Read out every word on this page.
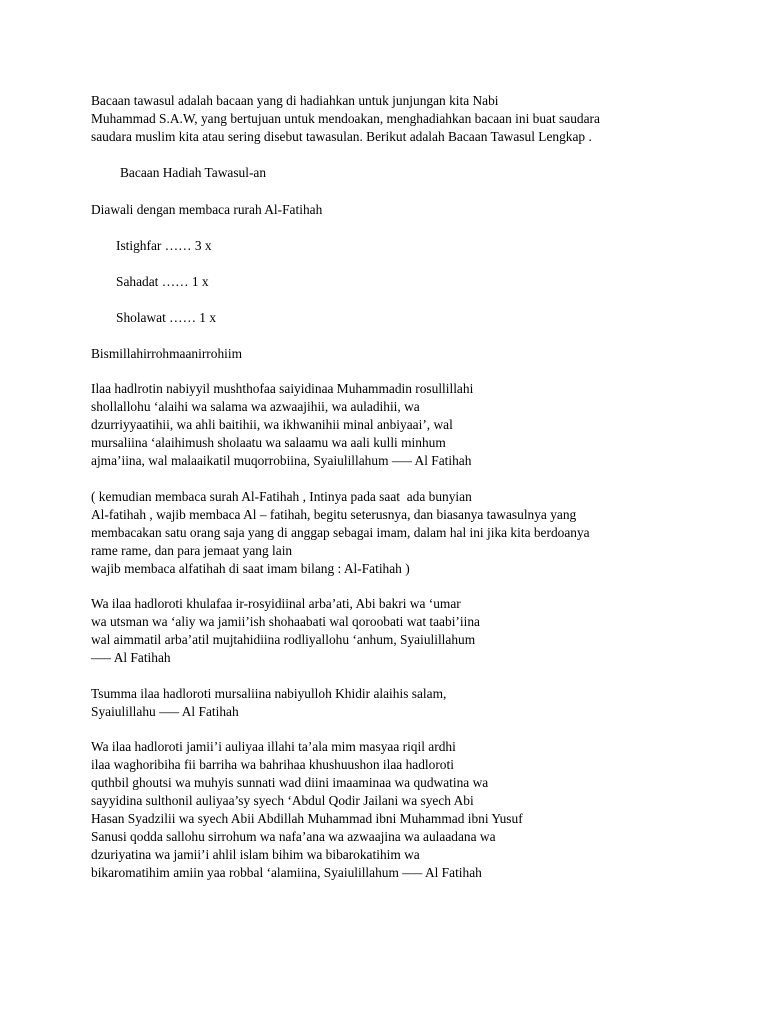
Bacaan tawasul adalah bacaan yang di hadiahkan untuk junjungan kita Nabi
Muhammad S.A.W, yang bertujuan untuk mendoakan, menghadiahkan bacaan ini buat saudara
saudara muslim kita atau sering disebut tawasulan. Berikut adalah Bacaan Tawasul Lengkap .

Bacaan Hadiah Tawasul-an

Diawali dengan membaca rurah Al-Fatihah

Istighfar …… 3 x

Sahadat …… 1 x

Sholawat …… 1 x

Bismillahirrohmaanirrohiim

Ilaa hadlrotin nabiyyil mushthofaa saiyidinaa Muhammadin rosullillahi
shollallohu ‘alaihi wa salama wa azwaajihii, wa auladihii, wa
dzurriyyaatihii, wa ahli baitihii, wa ikhwanihii minal anbiyaai’, wal
mursaliina ‘alaihimush sholaatu wa salaamu wa aali kulli minhum
ajma’iina, wal malaaikatil muqorrobiina, Syaiulillahum ––– Al Fatihah

( kemudian membaca surah Al-Fatihah , Intinya pada saat  ada bunyian
Al-fatihah , wajib membaca Al – fatihah, begitu seterusnya, dan biasanya tawasulnya yang
membacakan satu orang saja yang di anggap sebagai imam, dalam hal ini jika kita berdoanya
rame rame, dan para jemaat yang lain
wajib membaca alfatihah di saat imam bilang : Al-Fatihah )

Wa ilaa hadloroti khulafaa ir-rosyidiinal arba’ati, Abi bakri wa ‘umar
wa utsman wa ‘aliy wa jamii’ish shohaabati wal qoroobati wat taabi’iina
wal aimmatil arba’atil mujtahidiina rodliyallohu ‘anhum, Syaiulillahum
––– Al Fatihah

Tsumma ilaa hadloroti mursaliina nabiyulloh Khidir alaihis salam,
Syaiulillahu ––– Al Fatihah

Wa ilaa hadloroti jamii’i auliyaa illahi ta’ala mim masyaa riqil ardhi
ilaa waghoribiha fii barriha wa bahrihaa khushuushon ilaa hadloroti
quthbil ghoutsi wa muhyis sunnati wad diini imaaminaa wa qudwatina wa
sayyidina sulthonil auliyaa’sy syech ‘Abdul Qodir Jailani wa syech Abi
Hasan Syadzilii wa syech Abii Abdillah Muhammad ibni Muhammad ibni Yusuf
Sanusi qodda sallohu sirrohum wa nafa’ana wa azwaajina wa aulaadana wa
dzuriyatina wa jamii’i ahlil islam bihim wa bibarokatihim wa
bikaromatihim amiin yaa robbal ‘alamiina, Syaiulillahum ––– Al Fatihah
